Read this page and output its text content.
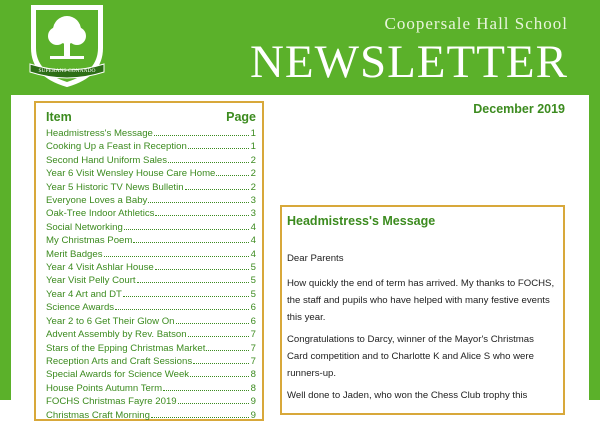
SUPERANS CONANDO
Coopersale Hall School
NEWSLETTER
Item	Page
Headmistress's Message	1
Cooking Up a Feast in Reception	1
Second Hand Uniform Sales	2
Year 6 Visit Wensley House Care Home	2
Year 5 Historic TV News Bulletin	2
Everyone Loves a Baby	3
Oak-Tree Indoor Athletics	3
Social Networking	4
My Christmas Poem	4
Merit Badges	4
Year 4 Visit Ashlar House	5
Year Visit Pelly Court	5
Year 4 Art and DT	5
Science Awards	6
Year 2 to 6 Get Their Glow On	6
Advent Assembly by Rev. Batson	7
Stars of the Epping Christmas Market	7
Reception Arts and Craft Sessions	7
Special Awards for Science Week	8
House Points Autumn Term	8
FOCHS Christmas Fayre 2019	9
Christmas Craft Morning	9
December 2019
Headmistress's Message

Dear Parents

How quickly the end of term has arrived. My thanks to FOCHS, the staff and pupils who have helped with many festive events this year.

Congratulations to Darcy, winner of the Mayor's Christmas Card competition and to Charlotte K and Alice S who were runners-up.

Well done to Jaden, who won the Chess Club trophy this
